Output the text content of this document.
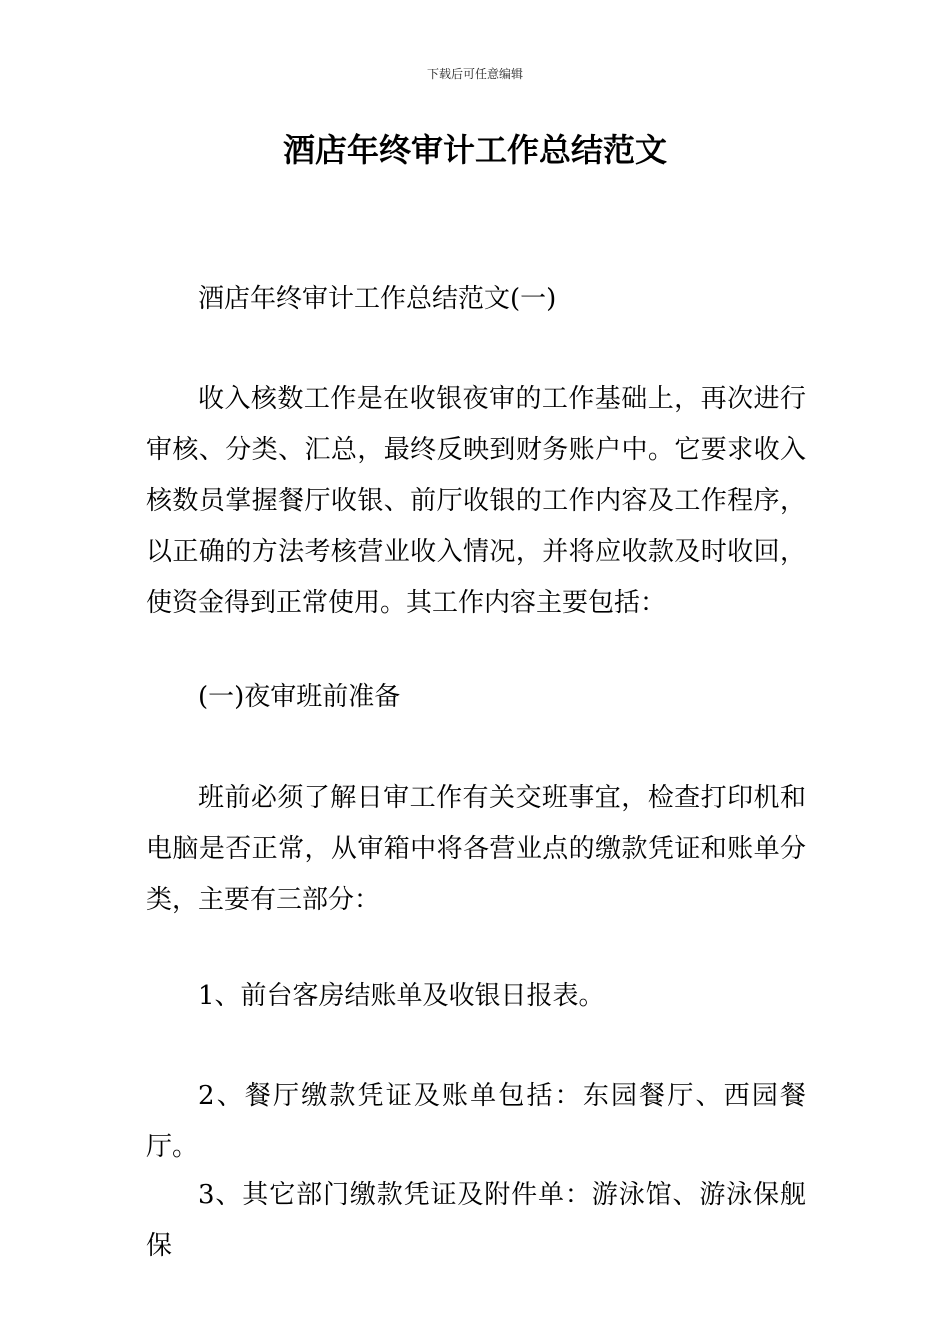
下载后可任意编辑
酒店年终审计工作总结范文

酒店年终审计工作总结范文(一)

收入核数工作是在收银夜审的工作基础上，再次进行审核、分类、汇总，最终反映到财务账户中。它要求收入核数员掌握餐厅收银、前厅收银的工作内容及工作程序，以正确的方法考核营业收入情况，并将应收款及时收回，使资金得到正常使用。其工作内容主要包括：

(一)夜审班前准备

班前必须了解日审工作有关交班事宜，检查打印机和电脑是否正常，从审箱中将各营业点的缴款凭证和账单分类，主要有三部分：

1、前台客房结账单及收银日报表。

2、餐厅缴款凭证及账单包括：东园餐厅、西园餐厅。

3、其它部门缴款凭证及附件单：游泳馆、游泳保舰保
